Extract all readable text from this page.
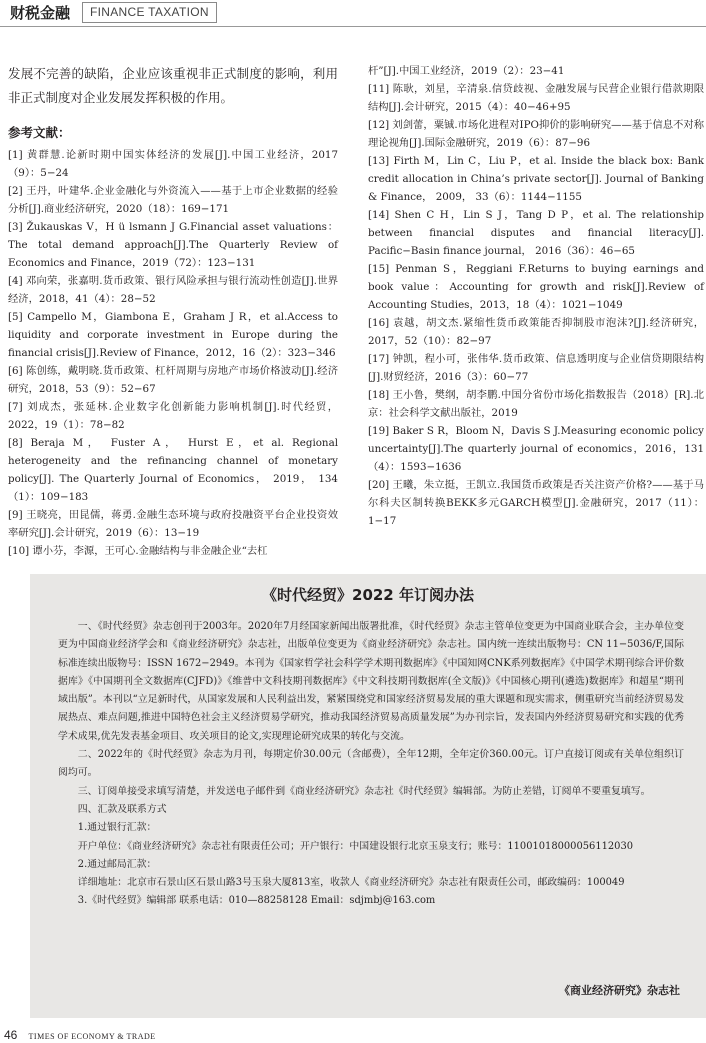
财税金融	FINANCE TAXATION
发展不完善的缺陷，企业应该重视非正式制度的影响，利用非正式制度对企业发展发挥积极的作用。
参考文献：

[1] 黄群慧.论新时期中国实体经济的发展[J].中国工业经济，2017（9）：5−24

[2] 王丹，叶建华.企业金融化与外资流入——基于上市企业数据的经验分析[J].商业经济研究，2020（18）：169−171

[3] Žukauskas V，H ü lsmann J G.Financial asset valuations：The total demand approach[J].The Quarterly Review of Economics and Finance，2019（72）：123−131

[4] 邓向荣，张嘉明.货币政策、银行风险承担与银行流动性创造[J].世界经济，2018，41（4）：28−52

[5] Campello M，Giambona E，Graham J R，et al.Access to liquidity and corporate investment in Europe during the financial crisis[J].Review of Finance，2012，16（2）：323−346

[6] 陈创练，戴明晓.货币政策、杠杆周期与房地产市场价格波动[J].经济研究，2018，53（9）：52−67

[7] 刘成杰，张延林.企业数字化创新能力影响机制[J].时代经贸，2022，19（1）：78−82

[8] Beraja M， Fuster A， Hurst E，et al. Regional heterogeneity and the refinancing channel of monetary policy[J]. The Quarterly Journal of Economics， 2019， 134（1）：109−183

[9] 王晓亮，田昆儒，蒋勇.金融生态环境与政府投融资平台企业投资效率研究[J].会计研究，2019（6）：13−19

[10] 谭小芬，李源，王可心.金融结构与非金融企业“去杠

杆”[J].中国工业经济，2019（2）：23−41

[11] 陈耿，刘星，辛清泉.信贷歧视、金融发展与民营企业银行借款期限结构[J].会计研究，2015（4）：40−46+95

[12] 刘剑蕾，粟铖.市场化进程对IPO抑价的影响研究——基于信息不对称理论视角[J].国际金融研究，2019（6）：87−96

[13] Firth M，Lin C，Liu P，et al. Inside the black box: Bank credit allocation in China’s private sector[J]. Journal of Banking & Finance， 2009， 33（6）：1144−1155

[14] Shen C H，Lin S J，Tang D P，et al. The relationship between financial disputes and financial literacy[J]. Pacific−Basin finance journal， 2016（36）：46−65

[15] Penman S，Reggiani F.Returns to buying earnings and book value：Accounting for growth and risk[J].Review of Accounting Studies，2013，18（4）：1021−1049

[16] 袁越，胡文杰.紧缩性货币政策能否抑制股市泡沫?[J].经济研究，2017，52（10）：82−97

[17] 钟凯，程小可，张伟华.货币政策、信息透明度与企业信贷期限结构[J].财贸经济，2016（3）：60−77

[18] 王小鲁，樊纲，胡李鹏.中国分省份市场化指数报告（2018）[R].北京：社会科学文献出版社，2019

[19] Baker S R，Bloom N，Davis S J.Measuring economic policy uncertainty[J].The quarterly journal of economics，2016，131（4）：1593−1636

[20] 王曦，朱立挺，王凯立.我国货币政策是否关注资产价格?——基于马尔科夫区制转换BEKK多元GARCH模型[J].金融研究，2017（11）：1−17

《时代经贸》2022 年订阅办法

一、《时代经贸》杂志创刊于2003年。2020年7月经国家新闻出版署批准，《时代经贸》杂志主管单位变更为中国商业联合会，主办单位变更为中国商业经济学会和《商业经济研究》杂志社，出版单位变更为《商业经济研究》杂志社。国内统一连续出版物号：CN 11−5036/F,国际标准连续出版物号：ISSN 1672−2949。本刊为《国家哲学社会科学学术期刊数据库》《中国知网CNK系列数据库》《中国学术期刊综合评价数据库》《中国期刊全文数据库(CJFD)》《维普中文科技期刊数据库》《中文科技期刊数据库(全文版)》《中国核心期刊(遴选)数据库》和超星“期刊域出版”。本刊以“立足新时代，从国家发展和人民利益出发，紧紧围绕党和国家经济贸易发展的重大课题和现实需求，侧重研究当前经济贸易发展热点、难点问题,推进中国特色社会主义经济贸易学研究，推动我国经济贸易高质量发展”为办刊宗旨，发表国内外经济贸易研究和实践的优秀学术成果,优先发表基金项目、攻关项目的论文,实现理论研究成果的转化与交流。

二、2022年的《时代经贸》杂志为月刊，每期定价30.00元（含邮费），全年12期，全年定价360.00元。订户直接订阅或有关单位组织订阅均可。

三、订阅单接受求填写清楚，并发送电子邮件到《商业经济研究》杂志社《时代经贸》编辑部。为防止差错，订阅单不要重复填写。

四、汇款及联系方式

1.通过银行汇款：

开户单位：《商业经济研究》杂志社有限责任公司；开户银行：中国建设银行北京玉泉支行；账号：11001018000056112030

2.通过邮局汇款：

详细地址：北京市石景山区石景山路3号玉泉大厦813室，收款人《商业经济研究》杂志社有限责任公司，邮政编码：100049

3.《时代经贸》编辑部 联系电话：010—88258128 Email：sdjmbj@163.com

《商业经济研究》杂志社
46 TIMES OF ECONOMY & TRADE
